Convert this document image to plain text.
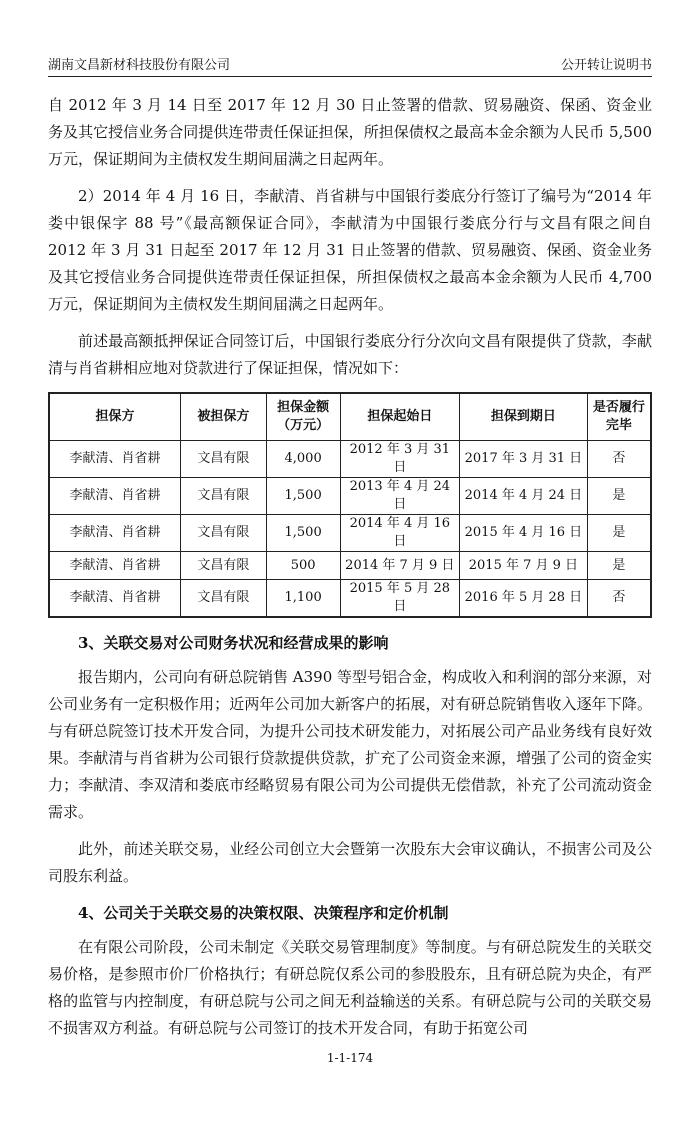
湖南文昌新材科技股份有限公司	公开转让说明书

自 2012 年 3 月 14 日至 2017 年 12 月 30 日止签署的借款、贸易融资、保函、资金业务及其它授信业务合同提供连带责任保证担保，所担保债权之最高本金余额为人民币 5,500 万元，保证期间为主债权发生期间届满之日起两年。

2）2014 年 4 月 16 日，李献清、肖省耕与中国银行娄底分行签订了编号为“2014 年娄中银保字 88 号”《最高额保证合同》，李献清为中国银行娄底分行与文昌有限之间自 2012 年 3 月 31 日起至 2017 年 12 月 31 日止签署的借款、贸易融资、保函、资金业务及其它授信业务合同提供连带责任保证担保，所担保债权之最高本金余额为人民币 4,700 万元，保证期间为主债权发生期间届满之日起两年。

前述最高额抵押保证合同签订后，中国银行娄底分行分次向文昌有限提供了贷款，李献清与肖省耕相应地对贷款进行了保证担保，情况如下：

担保方	被担保方	担保金额（万元）	担保起始日	担保到期日	是否履行完毕
李献清、肖省耕	文昌有限	4,000	2012 年 3 月 31 日	2017 年 3 月 31 日	否
李献清、肖省耕	文昌有限	1,500	2013 年 4 月 24 日	2014 年 4 月 24 日	是
李献清、肖省耕	文昌有限	1,500	2014 年 4 月 16 日	2015 年 4 月 16 日	是
李献清、肖省耕	文昌有限	500	2014 年 7 月 9 日	2015 年 7 月 9 日	是
李献清、肖省耕	文昌有限	1,100	2015 年 5 月 28 日	2016 年 5 月 28 日	否
3、关联交易对公司财务状况和经营成果的影响

报告期内，公司向有研总院销售 A390 等型号铝合金，构成收入和利润的部分来源，对公司业务有一定积极作用；近两年公司加大新客户的拓展，对有研总院销售收入逐年下降。与有研总院签订技术开发合同，为提升公司技术研发能力，对拓展公司产品业务线有良好效果。李献清与肖省耕为公司银行贷款提供贷款，扩充了公司资金来源，增强了公司的资金实力；李献清、李双清和娄底市经略贸易有限公司为公司提供无偿借款，补充了公司流动资金需求。

此外，前述关联交易，业经公司创立大会暨第一次股东大会审议确认，不损害公司及公司股东利益。

4、公司关于关联交易的决策权限、决策程序和定价机制

在有限公司阶段，公司未制定《关联交易管理制度》等制度。与有研总院发生的关联交易价格，是参照市价厂价格执行；有研总院仅系公司的参股股东，且有研总院为央企，有严格的监管与内控制度，有研总院与公司之间无利益输送的关系。有研总院与公司的关联交易不损害双方利益。有研总院与公司签订的技术开发合同，有助于拓宽公司

1-1-174
